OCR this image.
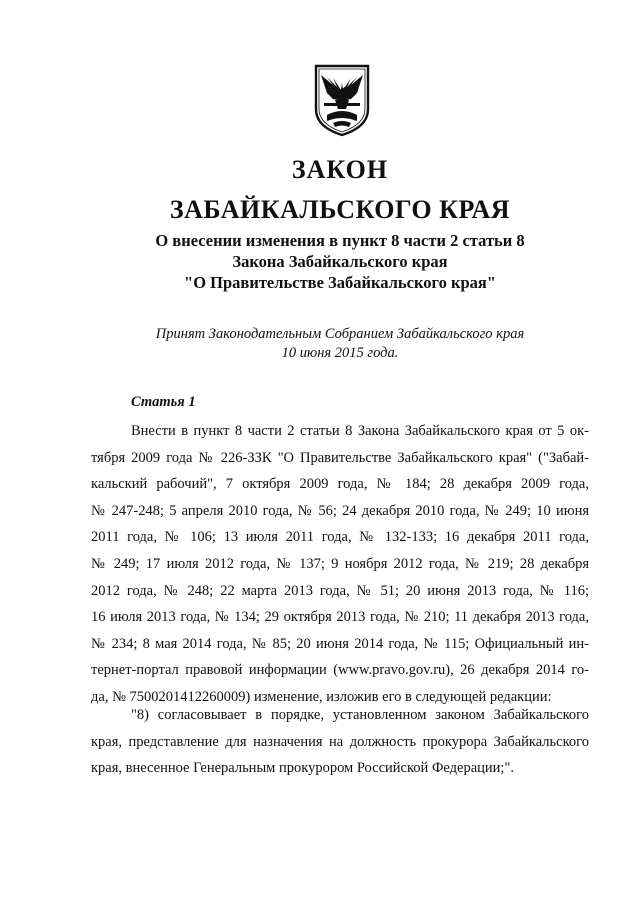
ЗАКОН
ЗАБАЙКАЛЬСКОГО КРАЯ
О внесении изменения в пункт 8 части 2 статьи 8
Закона Забайкальского края
"О Правительстве Забайкальского края"
Принят Законодательным Собранием Забайкальского края
10 июня 2015 года.
Статья 1
Внести в пункт 8 части 2 статьи 8 Закона Забайкальского края от 5 ок-
тября 2009 года № 226-ЗЗК "О Правительстве Забайкальского края" ("Забай-
кальский рабочий", 7 октября 2009 года, № 184; 28 декабря 2009 года,
№ 247-248; 5 апреля 2010 года, № 56; 24 декабря 2010 года, № 249; 10 июня
2011 года, № 106; 13 июля 2011 года, № 132-133; 16 декабря 2011 года,
№ 249; 17 июля 2012 года, № 137; 9 ноября 2012 года, № 219; 28 декабря
2012 года, № 248; 22 марта 2013 года, № 51; 20 июня 2013 года, № 116;
16 июля 2013 года, № 134; 29 октября 2013 года, № 210; 11 декабря 2013 года,
№ 234; 8 мая 2014 года, № 85; 20 июня 2014 года, № 115; Официальный ин-
тернет-портал правовой информации (www.pravo.gov.ru), 26 декабря 2014 го-
да, № 7500201412260009) изменение, изложив его в следующей редакции:
"8) согласовывает в порядке, установленном законом Забайкальского
края, представление для назначения на должность прокурора Забайкальского
края, внесенное Генеральным прокурором Российской Федерации;".
